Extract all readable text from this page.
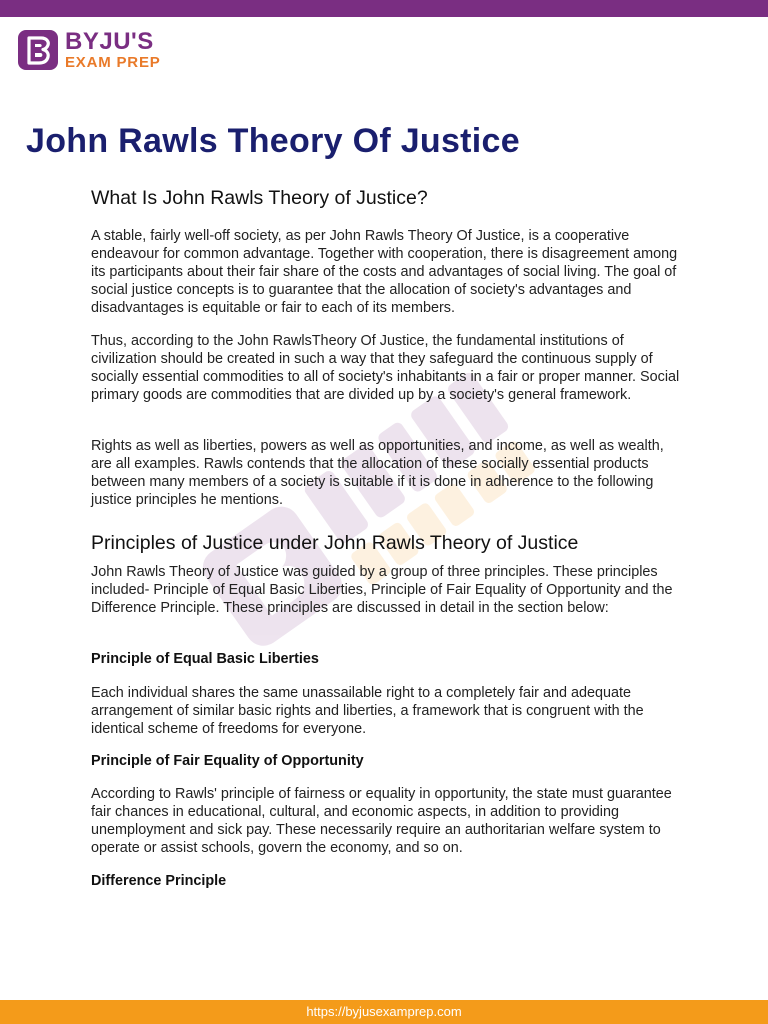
BYJU'S
EXAM PREP
John Rawls Theory Of Justice
What Is John Rawls Theory of Justice?

A stable, fairly well-off society, as per John Rawls Theory Of Justice, is a cooperative endeavour for common advantage. Together with cooperation, there is disagreement among its participants about their fair share of the costs and advantages of social living. The goal of social justice concepts is to guarantee that the allocation of society's advantages and disadvantages is equitable or fair to each of its members.

Thus, according to the John RawlsTheory Of Justice, the fundamental institutions of civilization should be created in such a way that they safeguard the continuous supply of socially essential commodities to all of society's inhabitants in a fair or proper manner. Social primary goods are commodities that are divided up by a society's general framework.

Rights as well as liberties, powers as well as opportunities, and income, as well as wealth, are all examples. Rawls contends that the allocation of these socially essential products between many members of a society is suitable if it is done in adherence to the following justice principles he mentions.

Principles of Justice under John Rawls Theory of Justice

John Rawls Theory of Justice was guided by a group of three principles. These principles included- Principle of Equal Basic Liberties, Principle of Fair Equality of Opportunity and the Difference Principle. These principles are discussed in detail in the section below:

Principle of Equal Basic Liberties

Each individual shares the same unassailable right to a completely fair and adequate arrangement of similar basic rights and liberties, a framework that is congruent with the identical scheme of freedoms for everyone.

Principle of Fair Equality of Opportunity

According to Rawls' principle of fairness or equality in opportunity, the state must guarantee fair chances in educational, cultural, and economic aspects, in addition to providing unemployment and sick pay. These necessarily require an authoritarian welfare system to operate or assist schools, govern the economy, and so on.

Difference Principle
https://byjusexamprep.com
